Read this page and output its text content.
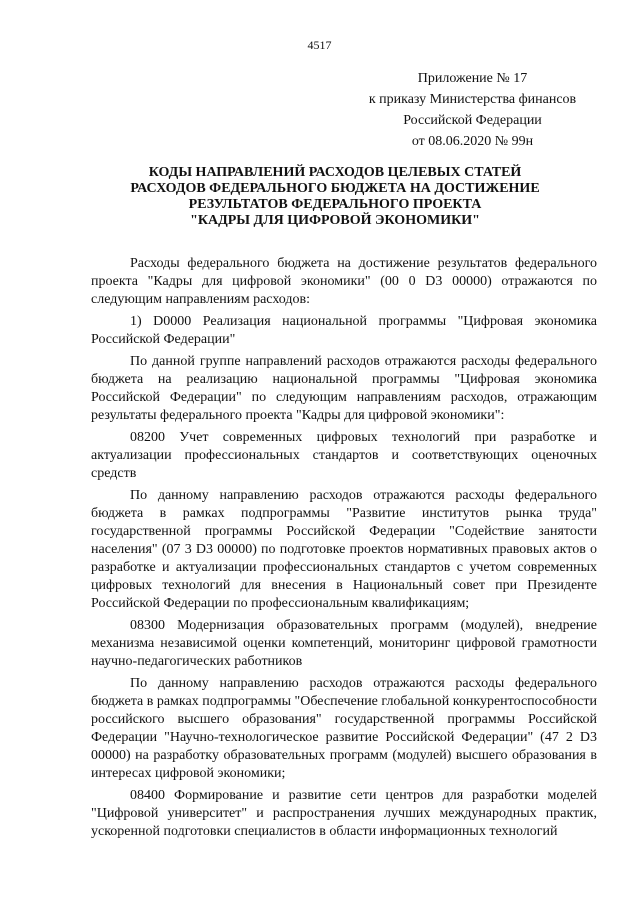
4517
Приложение № 17
к приказу Министерства финансов
Российской Федерации
от 08.06.2020 № 99н
КОДЫ НАПРАВЛЕНИЙ РАСХОДОВ ЦЕЛЕВЫХ СТАТЕЙ
РАСХОДОВ ФЕДЕРАЛЬНОГО БЮДЖЕТА НА ДОСТИЖЕНИЕ
РЕЗУЛЬТАТОВ ФЕДЕРАЛЬНОГО ПРОЕКТА
"КАДРЫ ДЛЯ ЦИФРОВОЙ ЭКОНОМИКИ"

Расходы федерального бюджета на достижение результатов федерального проекта "Кадры для цифровой экономики" (00 0 D3 00000) отражаются по следующим направлениям расходов:

1) D0000 Реализация национальной программы "Цифровая экономика Российской Федерации"

По данной группе направлений расходов отражаются расходы федерального бюджета на реализацию национальной программы "Цифровая экономика Российской Федерации" по следующим направлениям расходов, отражающим результаты федерального проекта "Кадры для цифровой экономики":

08200 Учет современных цифровых технологий при разработке и актуализации профессиональных стандартов и соответствующих оценочных средств

По данному направлению расходов отражаются расходы федерального бюджета в рамках подпрограммы "Развитие институтов рынка труда" государственной программы Российской Федерации "Содействие занятости населения" (07 3 D3 00000) по подготовке проектов нормативных правовых актов о разработке и актуализации профессиональных стандартов с учетом современных цифровых технологий для внесения в Национальный совет при Президенте Российской Федерации по профессиональным квалификациям;

08300 Модернизация образовательных программ (модулей), внедрение механизма независимой оценки компетенций, мониторинг цифровой грамотности научно-педагогических работников

По данному направлению расходов отражаются расходы федерального бюджета в рамках подпрограммы "Обеспечение глобальной конкурентоспособности российского высшего образования" государственной программы Российской Федерации "Научно-технологическое развитие Российской Федерации" (47 2 D3 00000) на разработку образовательных программ (модулей) высшего образования в интересах цифровой экономики;

08400 Формирование и развитие сети центров для разработки моделей "Цифровой университет" и распространения лучших международных практик, ускоренной подготовки специалистов в области информационных технологий
